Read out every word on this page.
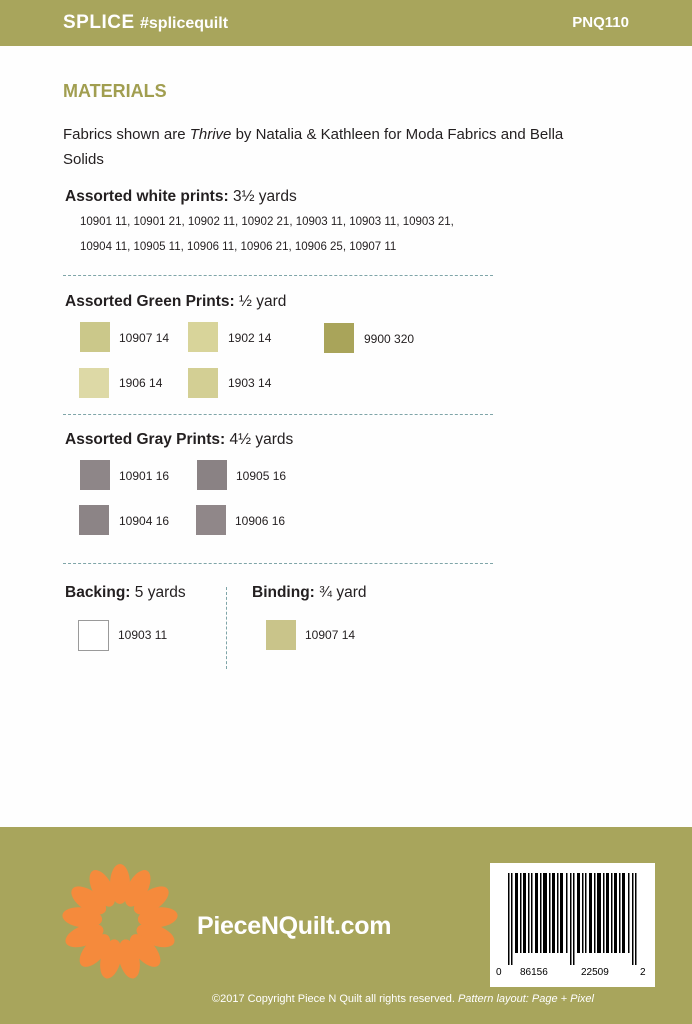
SPLICE #splicequilt	PNQ110
MATERIALS
Fabrics shown are Thrive by Natalia & Kathleen for Moda Fabrics and Bella Solids
Assorted white prints: 3½ yards
10901 11, 10901 21, 10902 11, 10902 21, 10903 11, 10903 11, 10903 21,
10904 11, 10905 11, 10906 11, 10906 21, 10906 25, 10907 11
Assorted Green Prints: ½ yard
10907 14	1902 14	9900 320
1906 14	1903 14
Assorted Gray Prints: 4½ yards
10901 16	10905 16
10904 16	10906 16
Backing: 5 yards
10903 11
Binding: ¾ yard
10907 14
PieceNQuilt.com
©2017 Copyright Piece N Quilt all rights reserved. Pattern layout: Page + Pixel
0 86156	22509	2
